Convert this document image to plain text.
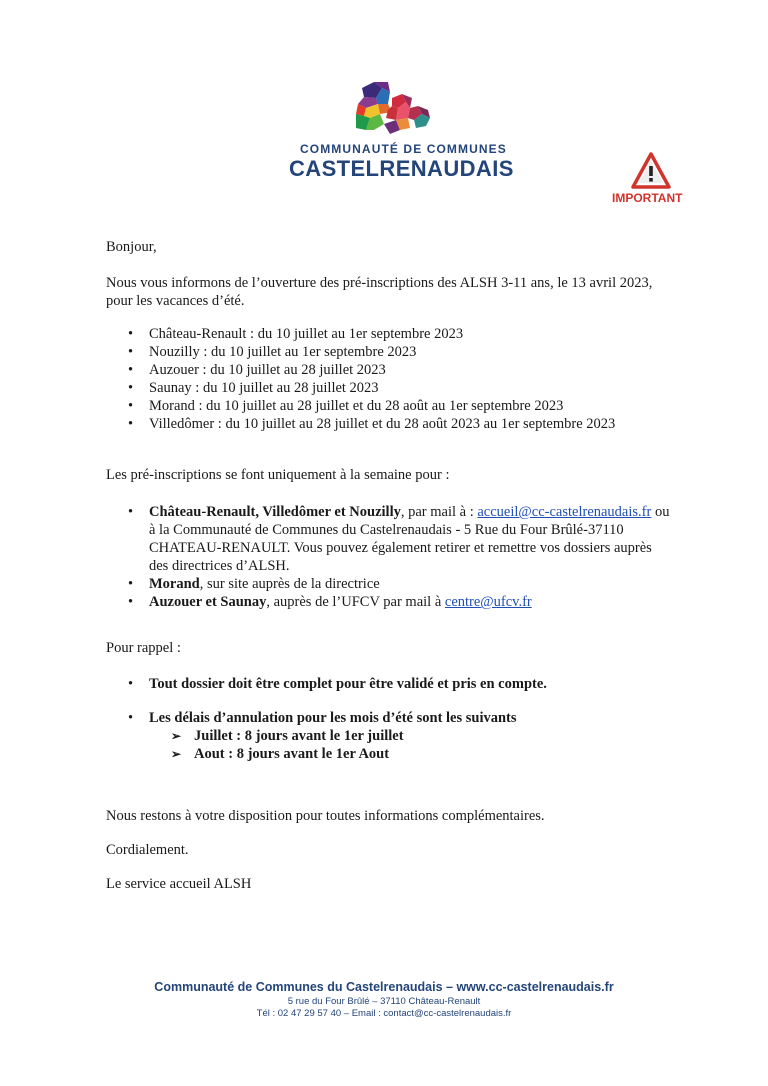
COMMUNAUTÉ DE COMMUNES
CASTELRENAUDAIS
IMPORTANT
Bonjour,
Nous vous informons de l’ouverture des pré-inscriptions des ALSH 3-11 ans, le 13 avril 2023,
pour les vacances d’été.
• Château-Renault : du 10 juillet au 1er septembre 2023
• Nouzilly : du 10 juillet au 1er septembre 2023
• Auzouer : du 10 juillet au 28 juillet 2023
• Saunay : du 10 juillet au 28 juillet 2023
• Morand : du 10 juillet au 28 juillet et du 28 août au 1er septembre 2023
• Villedômer : du 10 juillet au 28 juillet et du 28 août 2023 au 1er septembre 2023
Les pré-inscriptions se font uniquement à la semaine pour :
• Château-Renault, Villedômer et Nouzilly, par mail à : accueil@cc-castelrenaudais.fr ou
à la Communauté de Communes du Castelrenaudais - 5 Rue du Four Brûlé-37110
CHATEAU-RENAULT. Vous pouvez également retirer et remettre vos dossiers auprès
des directrices d’ALSH.
• Morand, sur site auprès de la directrice
• Auzouer et Saunay, auprès de l’UFCV par mail à centre@ufcv.fr
Pour rappel :
• Tout dossier doit être complet pour être validé et pris en compte.
• Les délais d’annulation pour les mois d’été sont les suivants
➢ Juillet : 8 jours avant le 1er juillet
➢ Aout : 8 jours avant le 1er Aout
Nous restons à votre disposition pour toutes informations complémentaires.
Cordialement.
Le service accueil ALSH
Communauté de Communes du Castelrenaudais – www.cc-castelrenaudais.fr
5 rue du Four Brûlé – 37110 Château-Renault
Tél : 02 47 29 57 40 – Email : contact@cc-castelrenaudais.fr
